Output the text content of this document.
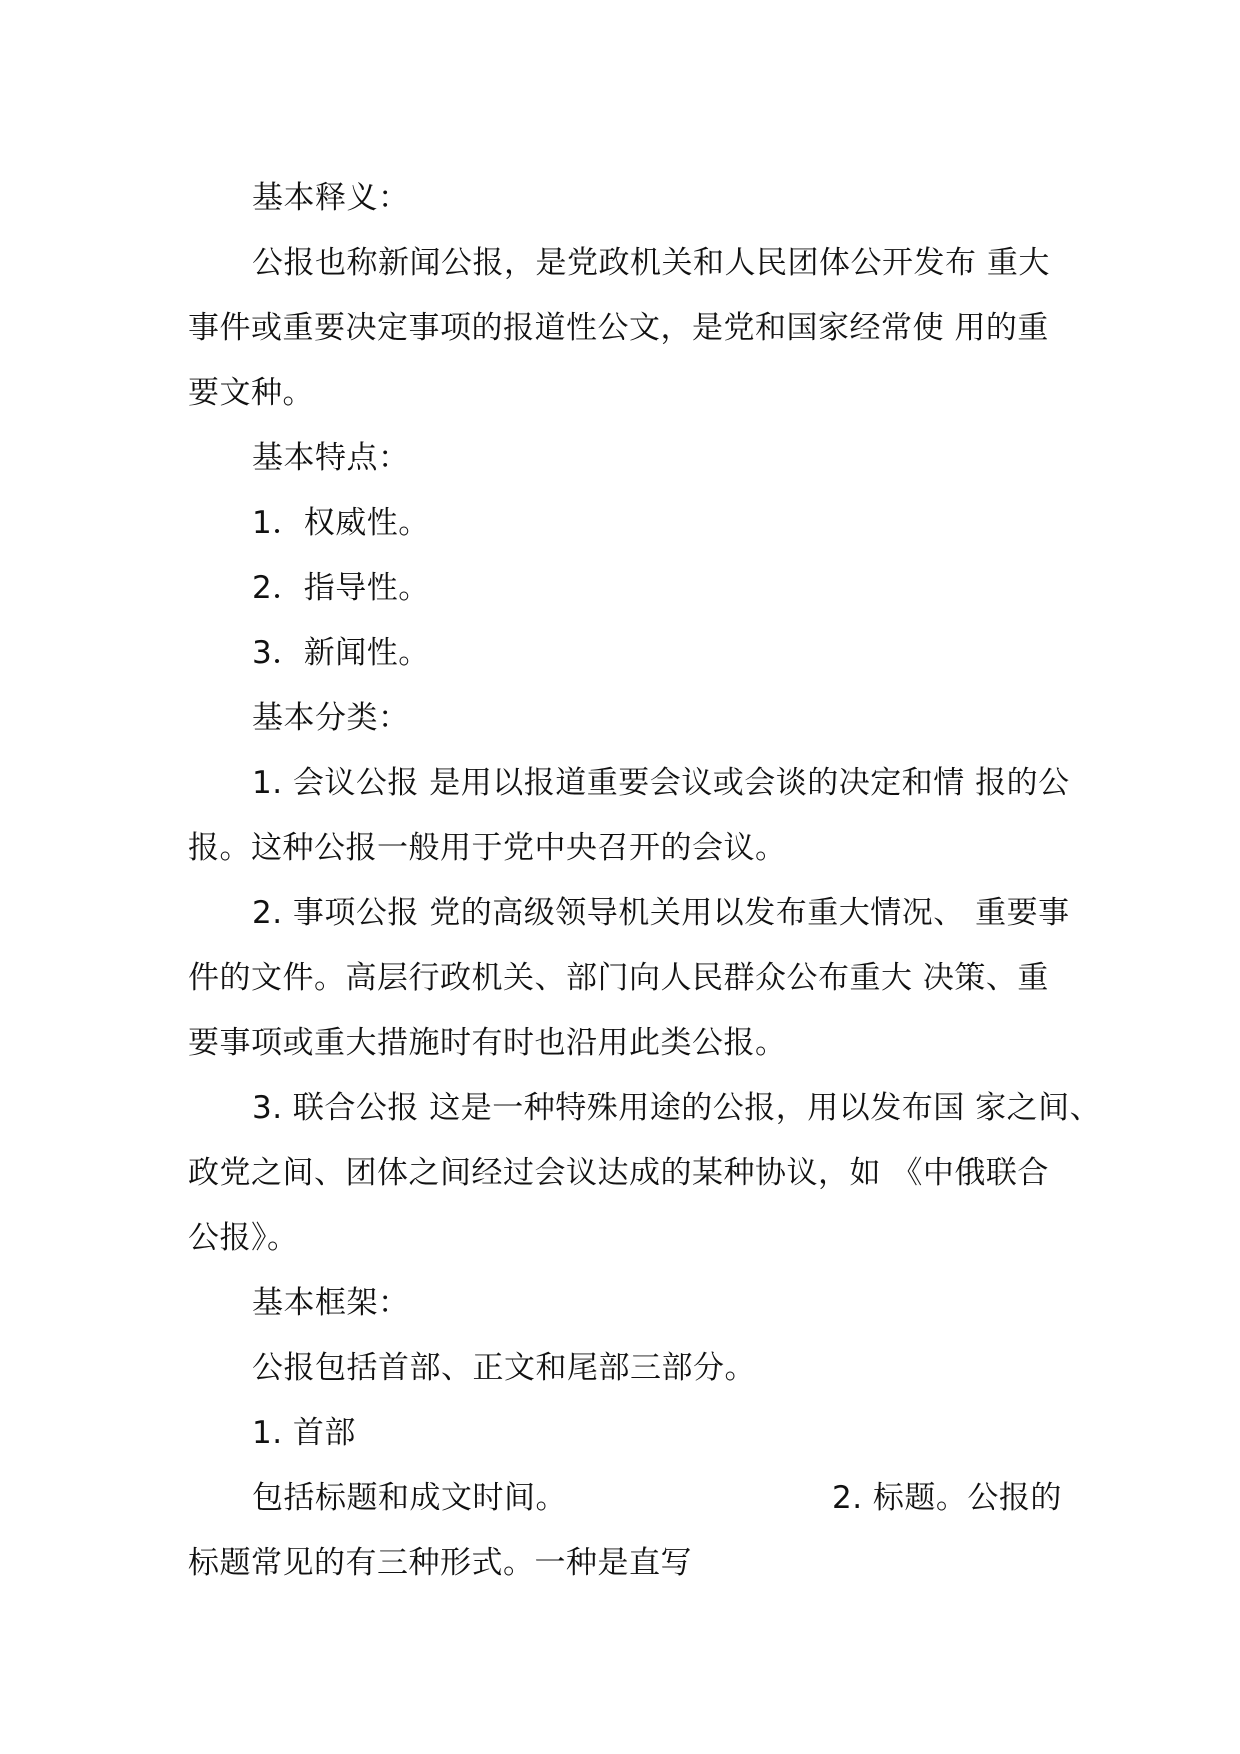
基本释义：
公报也称新闻公报，是党政机关和人民团体公开发布 重大
事件或重要决定事项的报道性公文，是党和国家经常使 用的重
要文种。
基本特点：
1．权威性。
2．指导性。
3．新闻性。
基本分类：
1. 会议公报 是用以报道重要会议或会谈的决定和情 报的公
报。这种公报一般用于党中央召开的会议。
2. 事项公报 党的高级领导机关用以发布重大情况、 重要事
件的文件。高层行政机关、部门向人民群众公布重大 决策、重
要事项或重大措施时有时也沿用此类公报。
3. 联合公报 这是一种特殊用途的公报，用以发布国 家之间、
政党之间、团体之间经过会议达成的某种协议，如 《中俄联合
公报》。
基本框架：
公报包括首部、正文和尾部三部分。
1. 首部
包括标题和成文时间。	2. 标题。公报的
标题常见的有三种形式。一种是直写
